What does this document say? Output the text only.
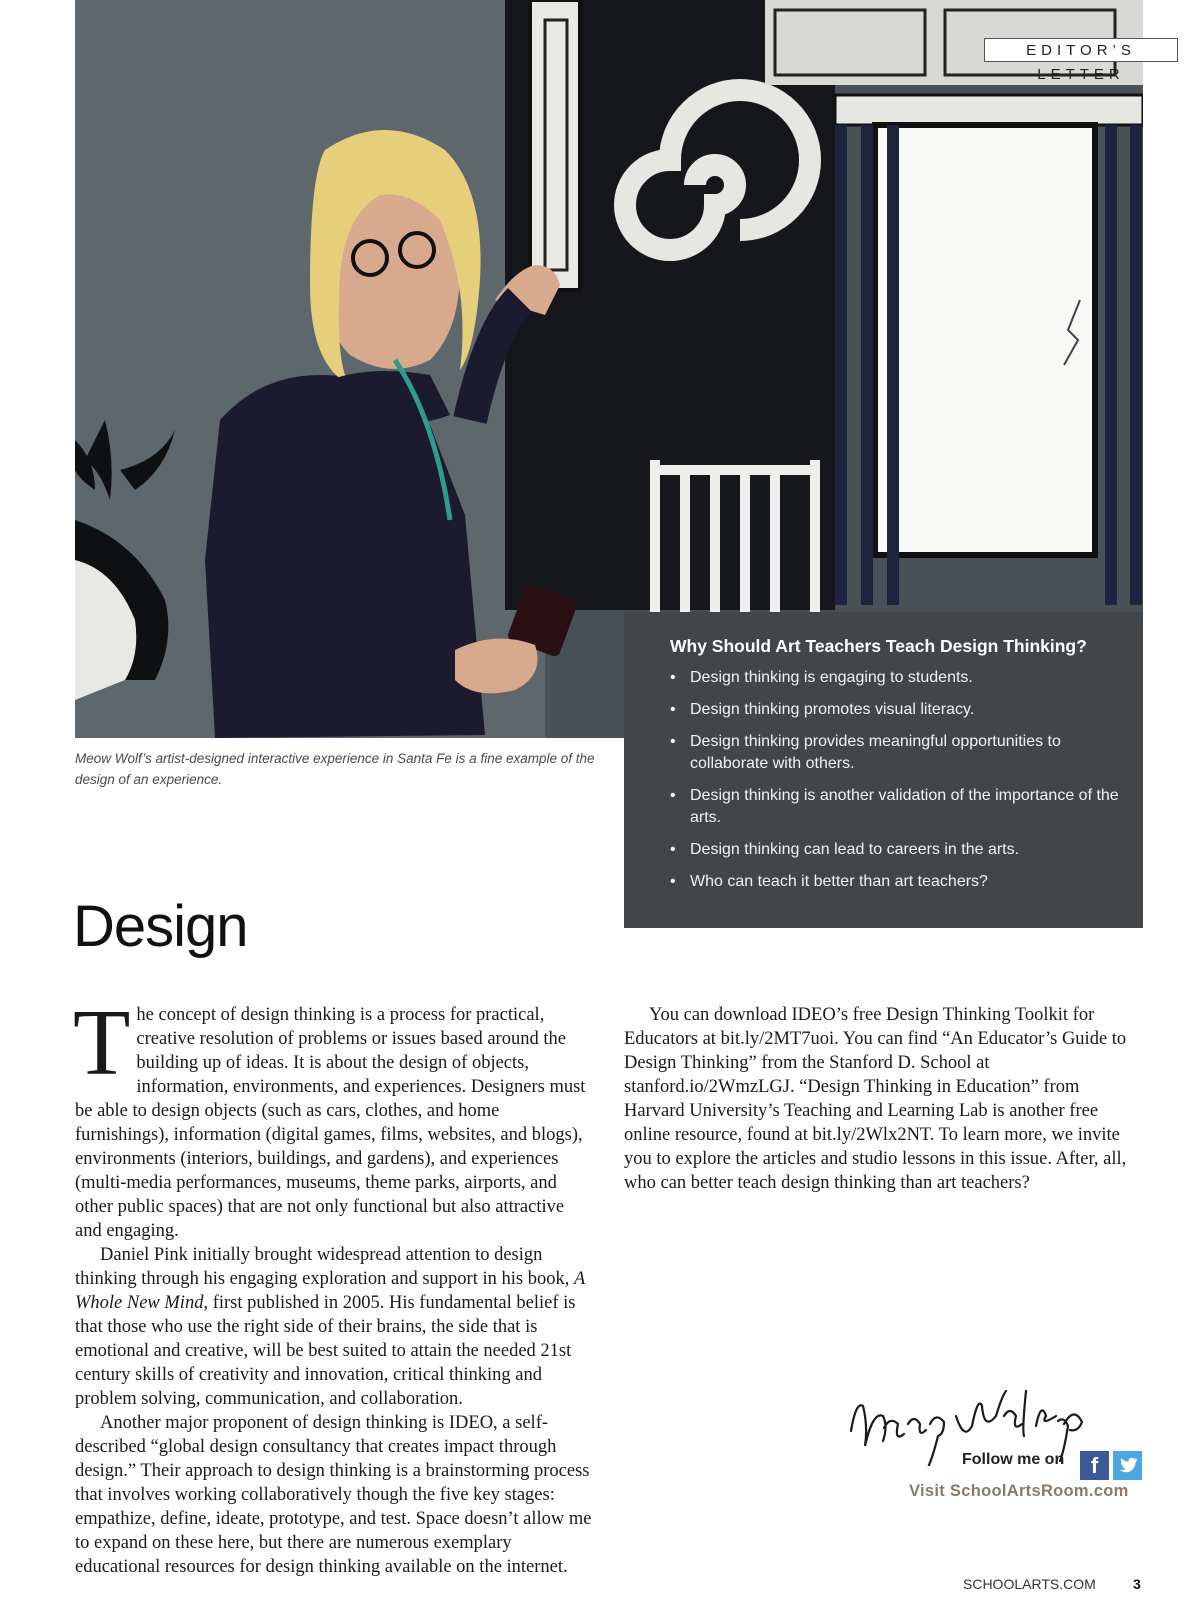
EDITOR’S LETTER
Meow Wolf’s artist-designed interactive experience in Santa Fe is a fine example of the design of an experience.
Why Should Art Teachers Teach Design Thinking?
• Design thinking is engaging to students.
• Design thinking promotes visual literacy.
• Design thinking provides meaningful opportunities to collaborate with others.
• Design thinking is another validation of the importance of the arts.
• Design thinking can lead to careers in the arts.
• Who can teach it better than art teachers?
Design

The concept of design thinking is a process for practical, creative resolution of problems or issues based around the building up of ideas. It is about the design of objects, information, environments, and experiences. Designers must be able to design objects (such as cars, clothes, and home furnishings), information (digital games, films, websites, and blogs), environments (interiors, buildings, and gardens), and experiences (multi-media performances, museums, theme parks, airports, and other public spaces) that are not only functional but also attractive and engaging.

Daniel Pink initially brought widespread attention to design thinking through his engaging exploration and support in his book, A Whole New Mind, first published in 2005. His fundamental belief is that those who use the right side of their brains, the side that is emotional and creative, will be best suited to attain the needed 21st century skills of creativity and innovation, critical thinking and problem solving, communication, and collaboration.

Another major proponent of design thinking is IDEO, a self-described “global design consultancy that creates impact through design.” Their approach to design thinking is a brainstorming process that involves working collaboratively though the five key stages: empathize, define, ideate, prototype, and test. Space doesn’t allow me to expand on these here, but there are numerous exemplary educational resources for design thinking available on the internet.

You can download IDEO’s free Design Thinking Toolkit for Educators at bit.ly/2MT7uoi. You can find “An Educator’s Guide to Design Thinking” from the Stanford D. School at stanford.io/2WmzLGJ. “Design Thinking in Education” from Harvard University’s Teaching and Learning Lab is another free online resource, found at bit.ly/2Wlx2NT. To learn more, we invite you to explore the articles and studio lessons in this issue. After, all, who can better teach design thinking than art teachers?

Follow me on	f
Visit SchoolArtsRoom.com
SCHOOLARTS.COM	3
